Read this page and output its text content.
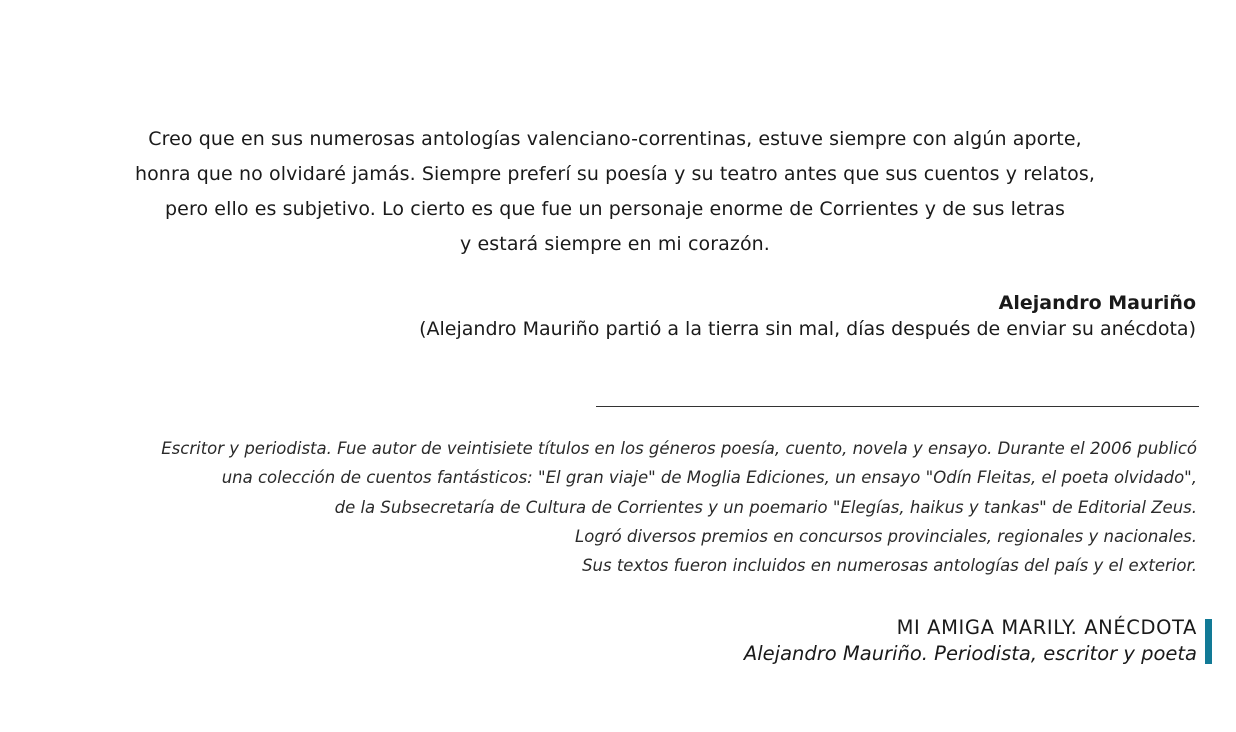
Creo que en sus numerosas antologías valenciano-correntinas, estuve siempre con algún aporte,
honra que no olvidaré jamás. Siempre preferí su poesía y su teatro antes que sus cuentos y relatos,
pero ello es subjetivo. Lo cierto es que fue un personaje enorme de Corrientes y de sus letras
y estará siempre en mi corazón.
Alejandro Mauriño
(Alejandro Mauriño partió a la tierra sin mal, días después de enviar su anécdota)
Escritor y periodista. Fue autor de veintisiete títulos en los géneros poesía, cuento, novela y ensayo. Durante el 2006 publicó
una colección de cuentos fantásticos: "El gran viaje" de Moglia Ediciones, un ensayo "Odín Fleitas, el poeta olvidado",
de la Subsecretaría de Cultura de Corrientes y un poemario "Elegías, haikus y tankas" de Editorial Zeus.
Logró diversos premios en concursos provinciales, regionales y nacionales.
Sus textos fueron incluidos en numerosas antologías del país y el exterior.
MI AMIGA MARILY. ANÉCDOTA
Alejandro Mauriño. Periodista, escritor y poeta
